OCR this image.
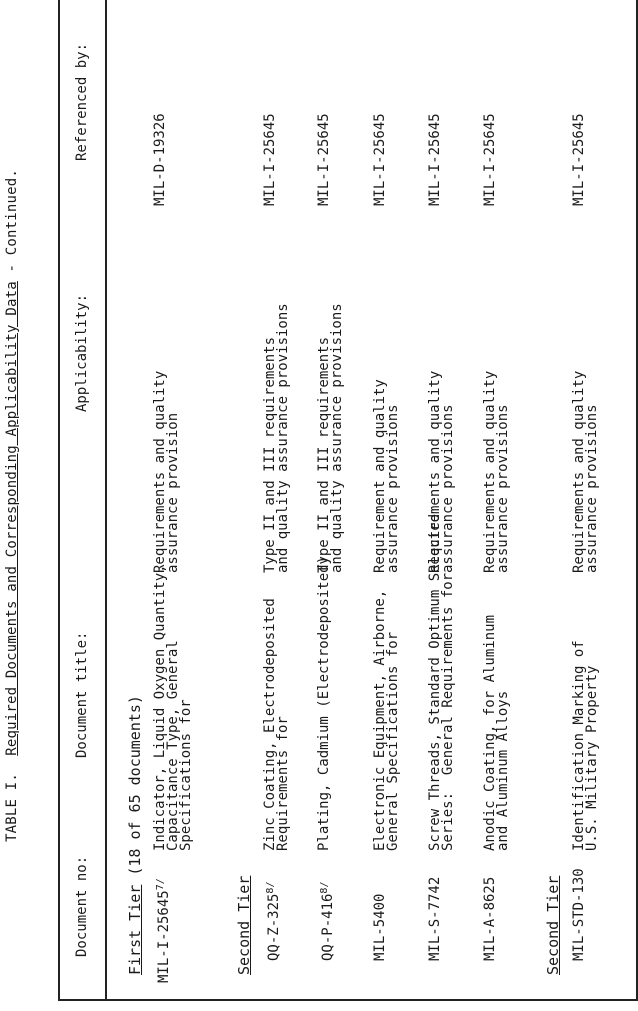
TABLE I.  Required Documents and Corresponding Applicability Data - Continued.
Document no:
Document title:
Applicability:
Referenced by:
First Tier (18 of 65 documents)
Second Tier	Second Tier
MIL-$I-25645^{7/}$
Indicator, Liquid Oxygen Quantity,
Capacitance Type, General
Specifications for
Requirements and quality
assurance provision
MIL-D-19326
$QQ-Z-325^{8/}$
Zinc Coating, Electrodeposited
Requirements for
Type II and III requirements
and quality assurance provisions
MIL-I-25645
$QQ-P-416^{8/}$
Plating, Cadmium (Electrodeposited)
Type II and III requirements
and quality assurance provisions
MIL-I-25645
MIL-5400
Electronic Equipment, Airborne,
General Specifications for
Requirement and quality
assurance provisions
MIL-I-25645
MIL-S-7742
Screw Threads, Standard Optimum Selected
Series:  General Requirements for
Requirements and quality
assurance provisions
MIL-I-25645
MIL-A-8625
Anodic Coating, for Aluminum
and Aluminum Alloys
Requirements and quality
assurance provisions
MIL-I-25645
MIL-STD-130
Identification Marking of
U.S. Military Property
Requirements and quality
assurance provisions
MIL-I-25645
